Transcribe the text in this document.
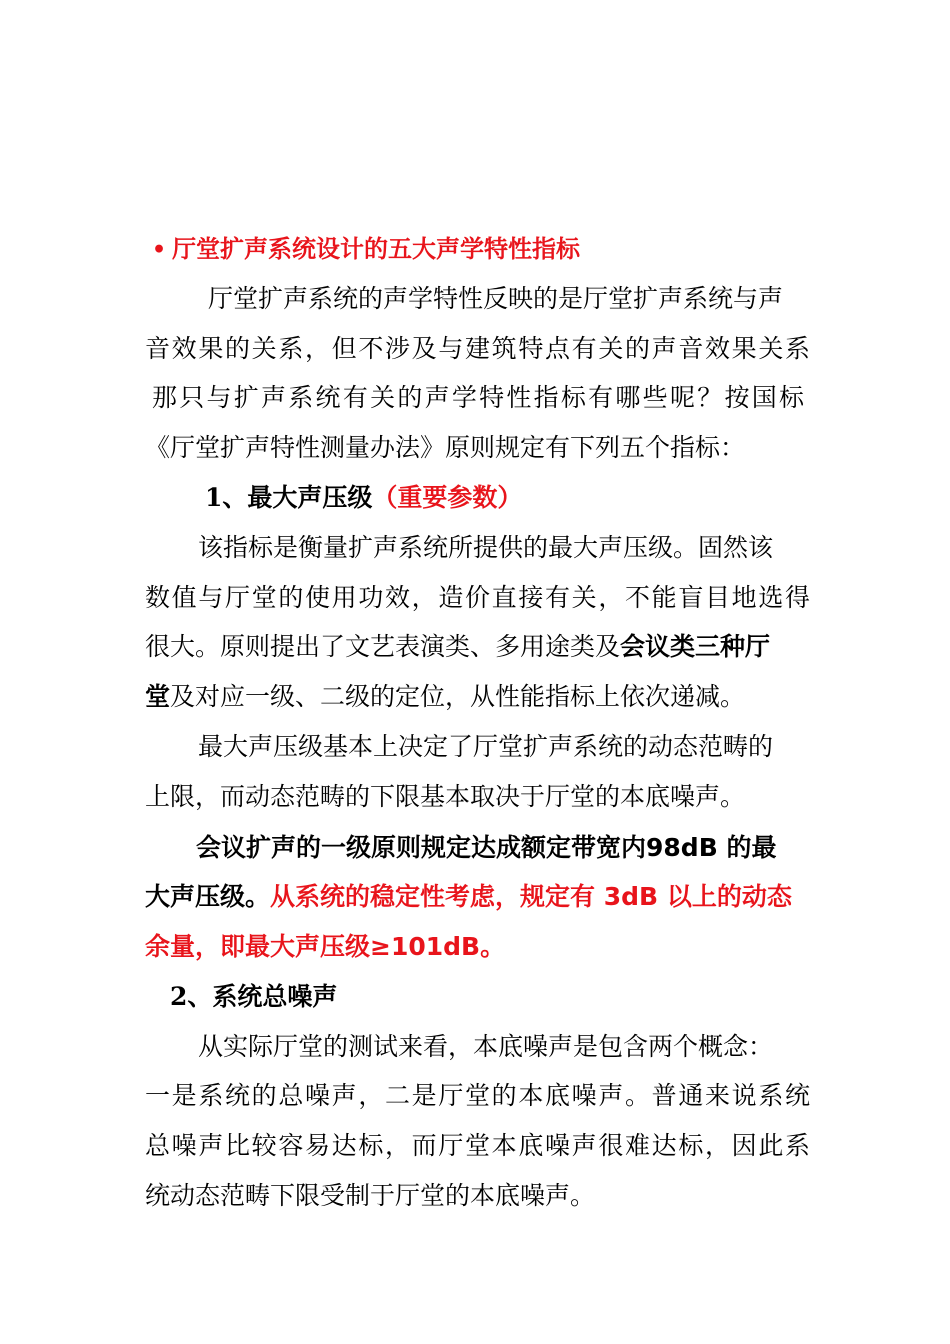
• 厅堂扩声系统设计的五大声学特性指标
厅堂扩声系统的声学特性反映的是厅堂扩声系统与声
音效果的关系，但不涉及与建筑特点有关的声音效果关系
那只与扩声系统有关的声学特性指标有哪些呢？按国标
《厅堂扩声特性测量办法》原则规定有下列五个指标：
1、最大声压级（重要参数）
该指标是衡量扩声系统所提供的最大声压级。固然该
数值与厅堂的使用功效，造价直接有关，不能盲目地选得
很大。原则提出了文艺表演类、多用途类及会议类三种厅
堂及对应一级、二级的定位，从性能指标上依次递减。
最大声压级基本上决定了厅堂扩声系统的动态范畴的
上限，而动态范畴的下限基本取决于厅堂的本底噪声。
会议扩声的一级原则规定达成额定带宽内98dB 的最
大声压级。从系统的稳定性考虑，规定有 3dB 以上的动态
余量，即最大声压级≥101dB。
2、系统总噪声
从实际厅堂的测试来看，本底噪声是包含两个概念：
一是系统的总噪声，二是厅堂的本底噪声。普通来说系统
总噪声比较容易达标，而厅堂本底噪声很难达标，因此系
统动态范畴下限受制于厅堂的本底噪声。
